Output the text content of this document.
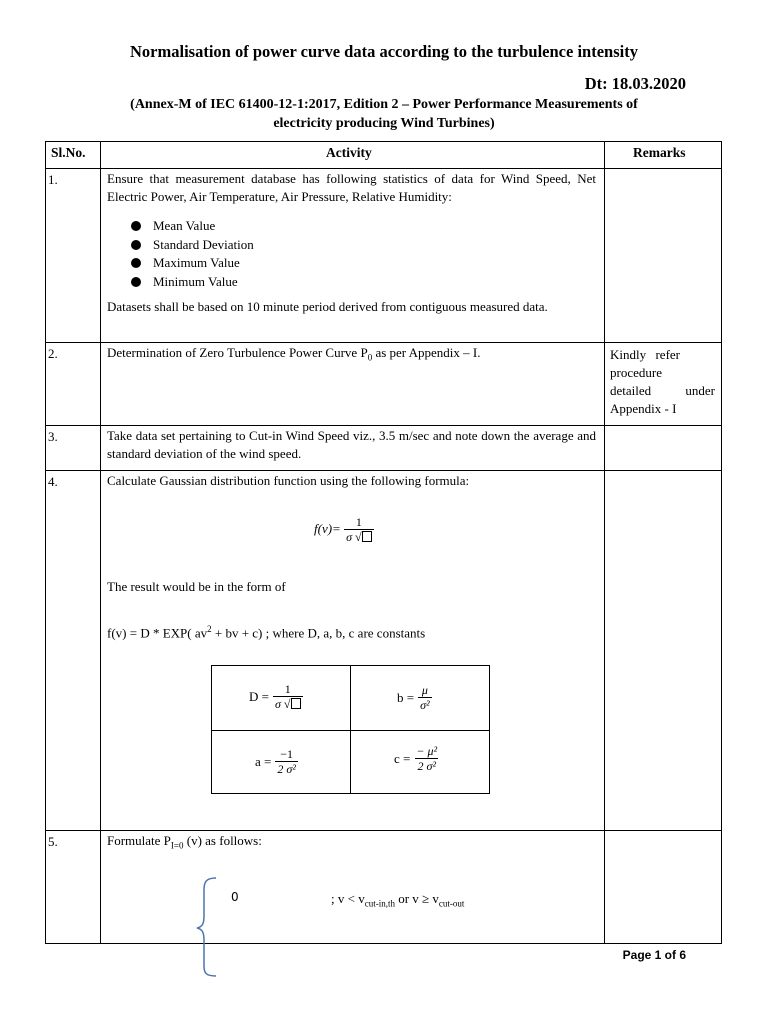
Normalisation of power curve data according to the turbulence intensity
Dt: 18.03.2020
(Annex-M of IEC 61400-12-1:2017, Edition 2 – Power Performance Measurements of
electricity producing Wind Turbines)
Sl.No.	Activity	Remarks
1.	Ensure that measurement database has following statistics of data for Wind Speed, Net Electric Power, Air Temperature, Air Pressure, Relative Humidity:
Mean Value
Standard Deviation
Maximum Value
Minimum Value
Datasets shall be based on 10 minute period derived from contiguous measured data.
2.	Determination of Zero Turbulence Power Curve $P_0$ as per Appendix – I.	Kindly refer procedure
detailed under Appendix - I
3.	Take data set pertaining to Cut-in Wind Speed viz., 3.5 m/sec and note down the average and standard deviation of the wind speed.
4.	Calculate Gaussian distribution function using the following formula:
$f(v)= \frac{1}{\sigma √}$
The result would be in the form of
f(v) = D * EXP( $av^2$ + bv + c) ; where D, a, b, c are constants
$D = \frac{1}{\sigma √}$	$b = \frac{\mu}{\text{σ²}}$
$a = \frac{-1}{\text{2 σ²}}$	$c = \frac{\text{− μ²}}{\text{2 σ²}}$
5.	Formulate $P_{I=0}$ (v) as follows:
0	; $v < v_{cut-in,th}$ or $v \ge v_{cut-out}$
Page 1 of 6
